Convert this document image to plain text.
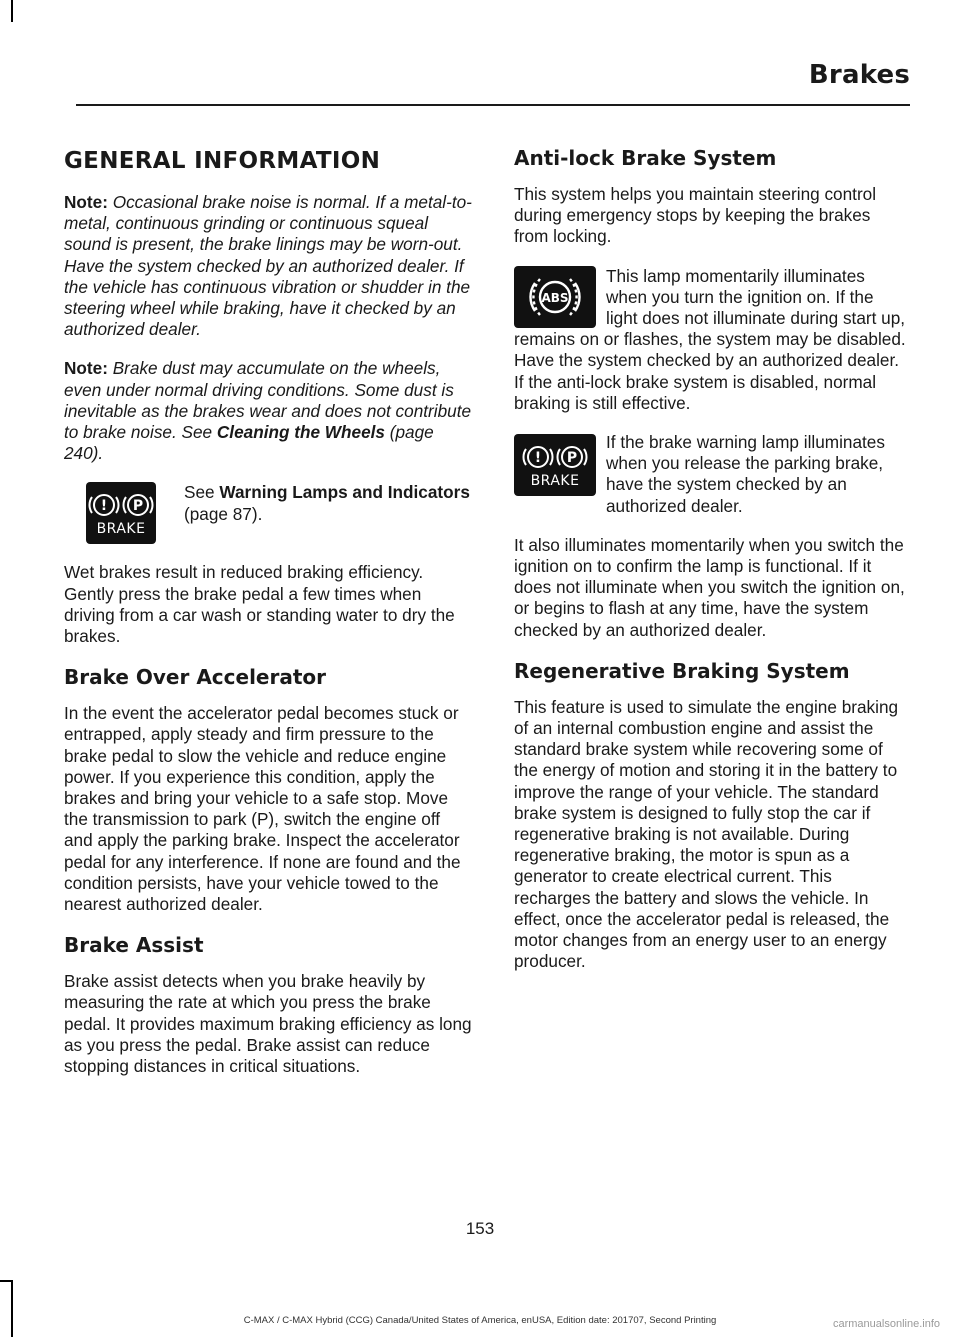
Brakes
GENERAL INFORMATION

Note: Occasional brake noise is normal. If a metal-to-metal, continuous grinding or continuous squeal sound is present, the brake linings may be worn-out. Have the system checked by an authorized dealer. If the vehicle has continuous vibration or shudder in the steering wheel while braking, have it checked by an authorized dealer.

Note: Brake dust may accumulate on the wheels, even under normal driving conditions. Some dust is inevitable as the brakes wear and does not contribute to brake noise. See Cleaning the Wheels (page 240).

! P
BRAKE

See Warning Lamps and Indicators (page 87).

Wet brakes result in reduced braking efficiency. Gently press the brake pedal a few times when driving from a car wash or standing water to dry the brakes.

Brake Over Accelerator

In the event the accelerator pedal becomes stuck or entrapped, apply steady and firm pressure to the brake pedal to slow the vehicle and reduce engine power. If you experience this condition, apply the brakes and bring your vehicle to a safe stop. Move the transmission to park (P), switch the engine off and apply the parking brake. Inspect the accelerator pedal for any interference. If none are found and the condition persists, have your vehicle towed to the nearest authorized dealer.

Brake Assist

Brake assist detects when you brake heavily by measuring the rate at which you press the brake pedal. It provides maximum braking efficiency as long as you press the pedal. Brake assist can reduce stopping distances in critical situations.

Anti-lock Brake System

This system helps you maintain steering control during emergency stops by keeping the brakes from locking.

ABS

This lamp momentarily illuminates when you turn the ignition on. If the light does not illuminate during start up, remains on or flashes, the system may be disabled. Have the system checked by an authorized dealer. If the anti-lock brake system is disabled, normal braking is still effective.

! P
BRAKE

If the brake warning lamp illuminates when you release the parking brake, have the system checked by an authorized dealer.

It also illuminates momentarily when you switch the ignition on to confirm the lamp is functional. If it does not illuminate when you switch the ignition on, or begins to flash at any time, have the system checked by an authorized dealer.

Regenerative Braking System

This feature is used to simulate the engine braking of an internal combustion engine and assist the standard brake system while recovering some of the energy of motion and storing it in the battery to improve the range of your vehicle. The standard brake system is designed to fully stop the car if regenerative braking is not available. During regenerative braking, the motor is spun as a generator to create electrical current. This recharges the battery and slows the vehicle. In effect, once the accelerator pedal is released, the motor changes from an energy user to an energy producer.

153
C-MAX / C-MAX Hybrid (CCG) Canada/United States of America, enUSA, Edition date: 201707, Second Printing	carmanualsonline.info
